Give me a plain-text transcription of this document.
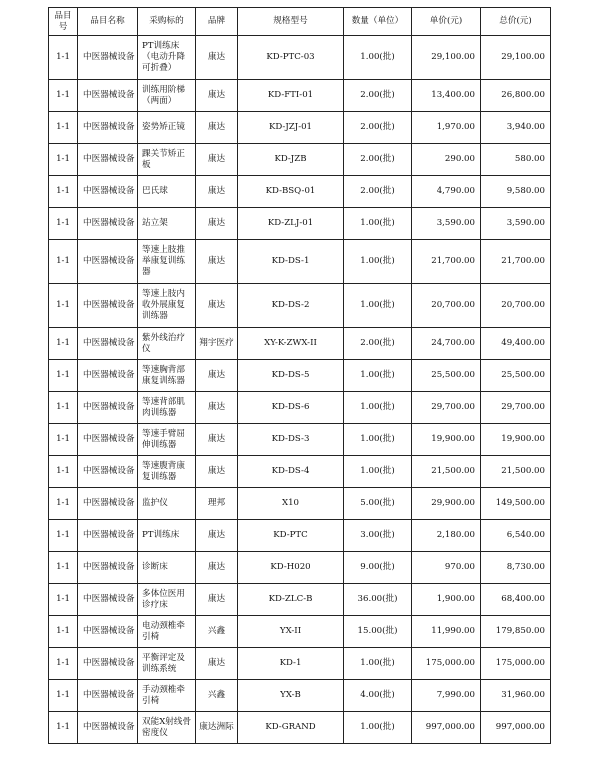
品目号	品目名称	采购标的	品牌	规格型号	数量（单位）	单价(元)	总价(元)
1-1	中医器械设备	PT训练床（电动升降可折叠）	康达	KD-PTC-03	1.00(批)	29,100.00	29,100.00
1-1	中医器械设备	训练用阶梯（两面）	康达	KD-FTI-01	2.00(批)	13,400.00	26,800.00
1-1	中医器械设备	姿势矫正镜	康达	KD-JZJ-01	2.00(批)	1,970.00	3,940.00
1-1	中医器械设备	踝关节矫正板	康达	KD-JZB	2.00(批)	290.00	580.00
1-1	中医器械设备	巴氏球	康达	KD-BSQ-01	2.00(批)	4,790.00	9,580.00
1-1	中医器械设备	站立架	康达	KD-ZLJ-01	1.00(批)	3,590.00	3,590.00
1-1	中医器械设备	等速上肢推举康复训练器	康达	KD-DS-1	1.00(批)	21,700.00	21,700.00
1-1	中医器械设备	等速上肢内收外展康复训练器	康达	KD-DS-2	1.00(批)	20,700.00	20,700.00
1-1	中医器械设备	紫外线治疗仪	翔宇医疗	XY-K-ZWX-II	2.00(批)	24,700.00	49,400.00
1-1	中医器械设备	等速胸背部康复训练器	康达	KD-DS-5	1.00(批)	25,500.00	25,500.00
1-1	中医器械设备	等速背部肌肉训练器	康达	KD-DS-6	1.00(批)	29,700.00	29,700.00
1-1	中医器械设备	等速手臂屈伸训练器	康达	KD-DS-3	1.00(批)	19,900.00	19,900.00
1-1	中医器械设备	等速腹背康复训练器	康达	KD-DS-4	1.00(批)	21,500.00	21,500.00
1-1	中医器械设备	监护仪	理邦	X10	5.00(批)	29,900.00	149,500.00
1-1	中医器械设备	PT训练床	康达	KD-PTC	3.00(批)	2,180.00	6,540.00
1-1	中医器械设备	诊断床	康达	KD-H020	9.00(批)	970.00	8,730.00
1-1	中医器械设备	多体位医用诊疗床	康达	KD-ZLC-B	36.00(批)	1,900.00	68,400.00
1-1	中医器械设备	电动颈椎牵引椅	兴鑫	YX-II	15.00(批)	11,990.00	179,850.00
1-1	中医器械设备	平衡评定及训练系统	康达	KD-1	1.00(批)	175,000.00	175,000.00
1-1	中医器械设备	手动颈椎牵引椅	兴鑫	YX-B	4.00(批)	7,990.00	31,960.00
1-1	中医器械设备	双能X射线骨密度仪	康达洲际	KD-GRAND	1.00(批)	997,000.00	997,000.00
